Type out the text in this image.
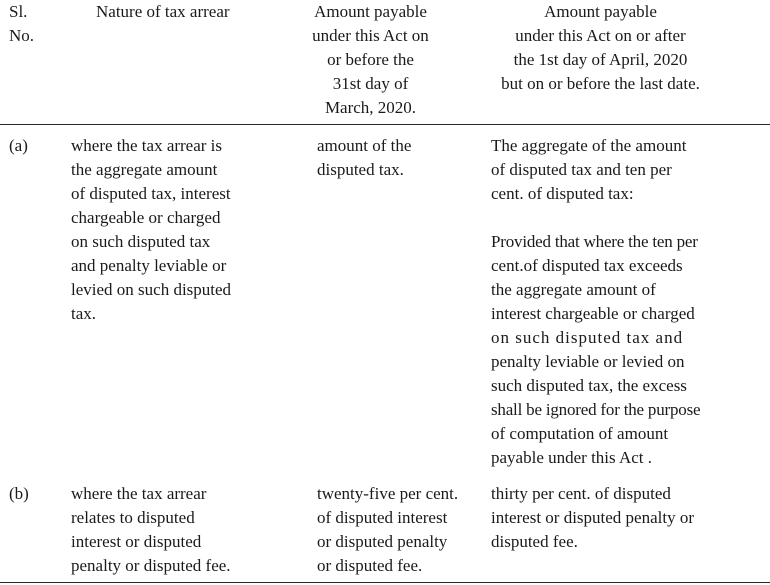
Sl.
No.
Nature of tax arrear	Amount payable
under this Act on
or before the
31st day of
March, 2020.
Amount payable
under this Act on or after
the 1st day of April, 2020
but on or before the last date.
(a)	where the tax arrear is
the aggregate amount
of disputed tax, interest
chargeable or charged
on such disputed tax
and penalty leviable or
levied on such disputed
tax.
amount of the
disputed tax.
The aggregate of the amount
of disputed tax and ten per
cent. of disputed tax:
Provided that where the ten per
cent.of disputed tax exceeds
the aggregate amount of
interest chargeable or charged
on such disputed tax and
penalty leviable or levied on
such disputed tax, the excess
shall be ignored for the purpose
of computation of amount
payable under this Act .
(b) where the tax arrear
relates to disputed
interest or disputed
penalty or disputed fee.
twenty-five per cent.
of disputed interest
or disputed penalty
or disputed fee.
thirty per cent. of disputed
interest or disputed penalty or
disputed fee.
